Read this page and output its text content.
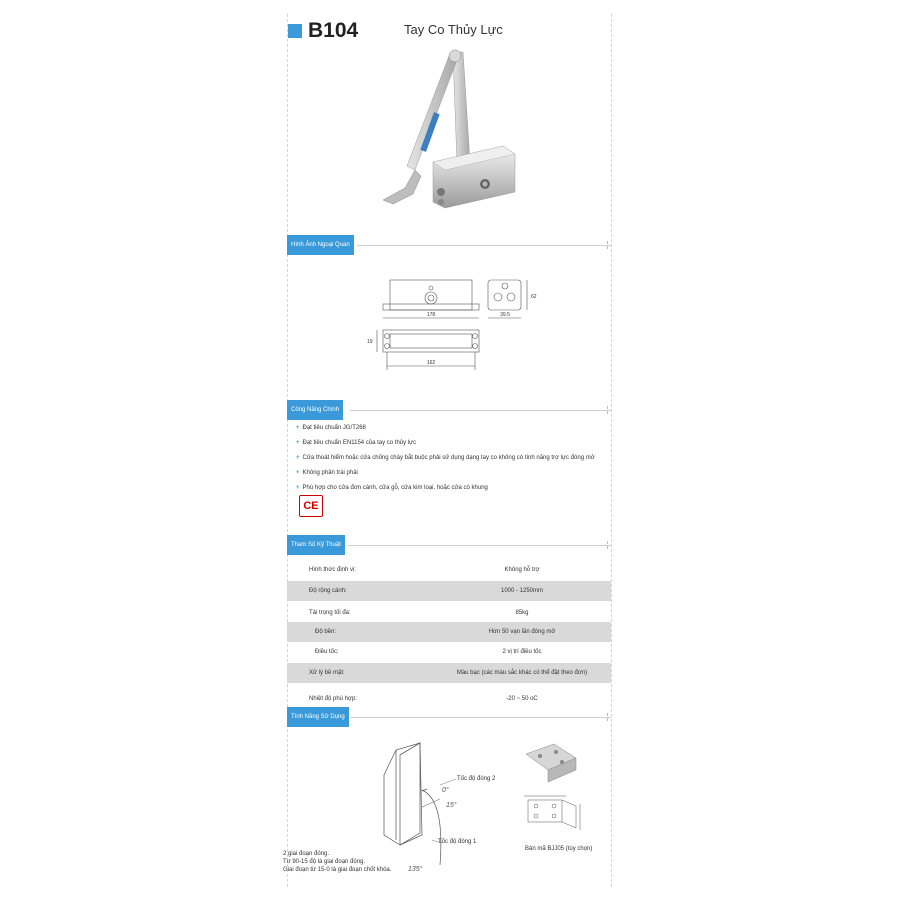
B104	Tay Co Thủy Lực
Hình Ảnh Ngoại Quan
178	39.5
62
19
162
Công Năng Chính
+ Đạt tiêu chuẩn JG/T268
+ Đạt tiêu chuẩn EN1154 của tay co thủy lực
+ Cửa thoát hiểm hoặc cửa chống cháy bắt buộc phải sử dụng dạng tay co không có tính năng trợ lực đóng mở
+ Không phân trái phải
+ Phù hợp cho cửa đơn cánh, cửa gỗ, cửa kim loại, hoặc cửa có khung
CE
Tham Số Kỹ Thuật
Hình thức định vị:	Không hỗ trợ
Độ rộng cánh:	1000 - 1250mm
Tải trọng tối đa:	85kg
Độ bền:	Hơn 50 vạn lần đóng mở
Điều tốc:	2 vị trí điều tốc
Xử lý bề mặt:	Màu bạc (các màu sắc khác có thể đặt theo đơn)
Nhiệt độ phù hợp:	-20 ~ 50 oC
Tính Năng Sử Dụng
0°
15°
135°
Tốc độ đóng 2
Tốc độ đóng 1
2 giai đoạn đóng.
Từ 90-15 độ là giai đoạn đóng.
Giai đoạn từ 15-0 là giai đoạn chốt khóa.
Bản mã BJJ05 (tùy chọn)
